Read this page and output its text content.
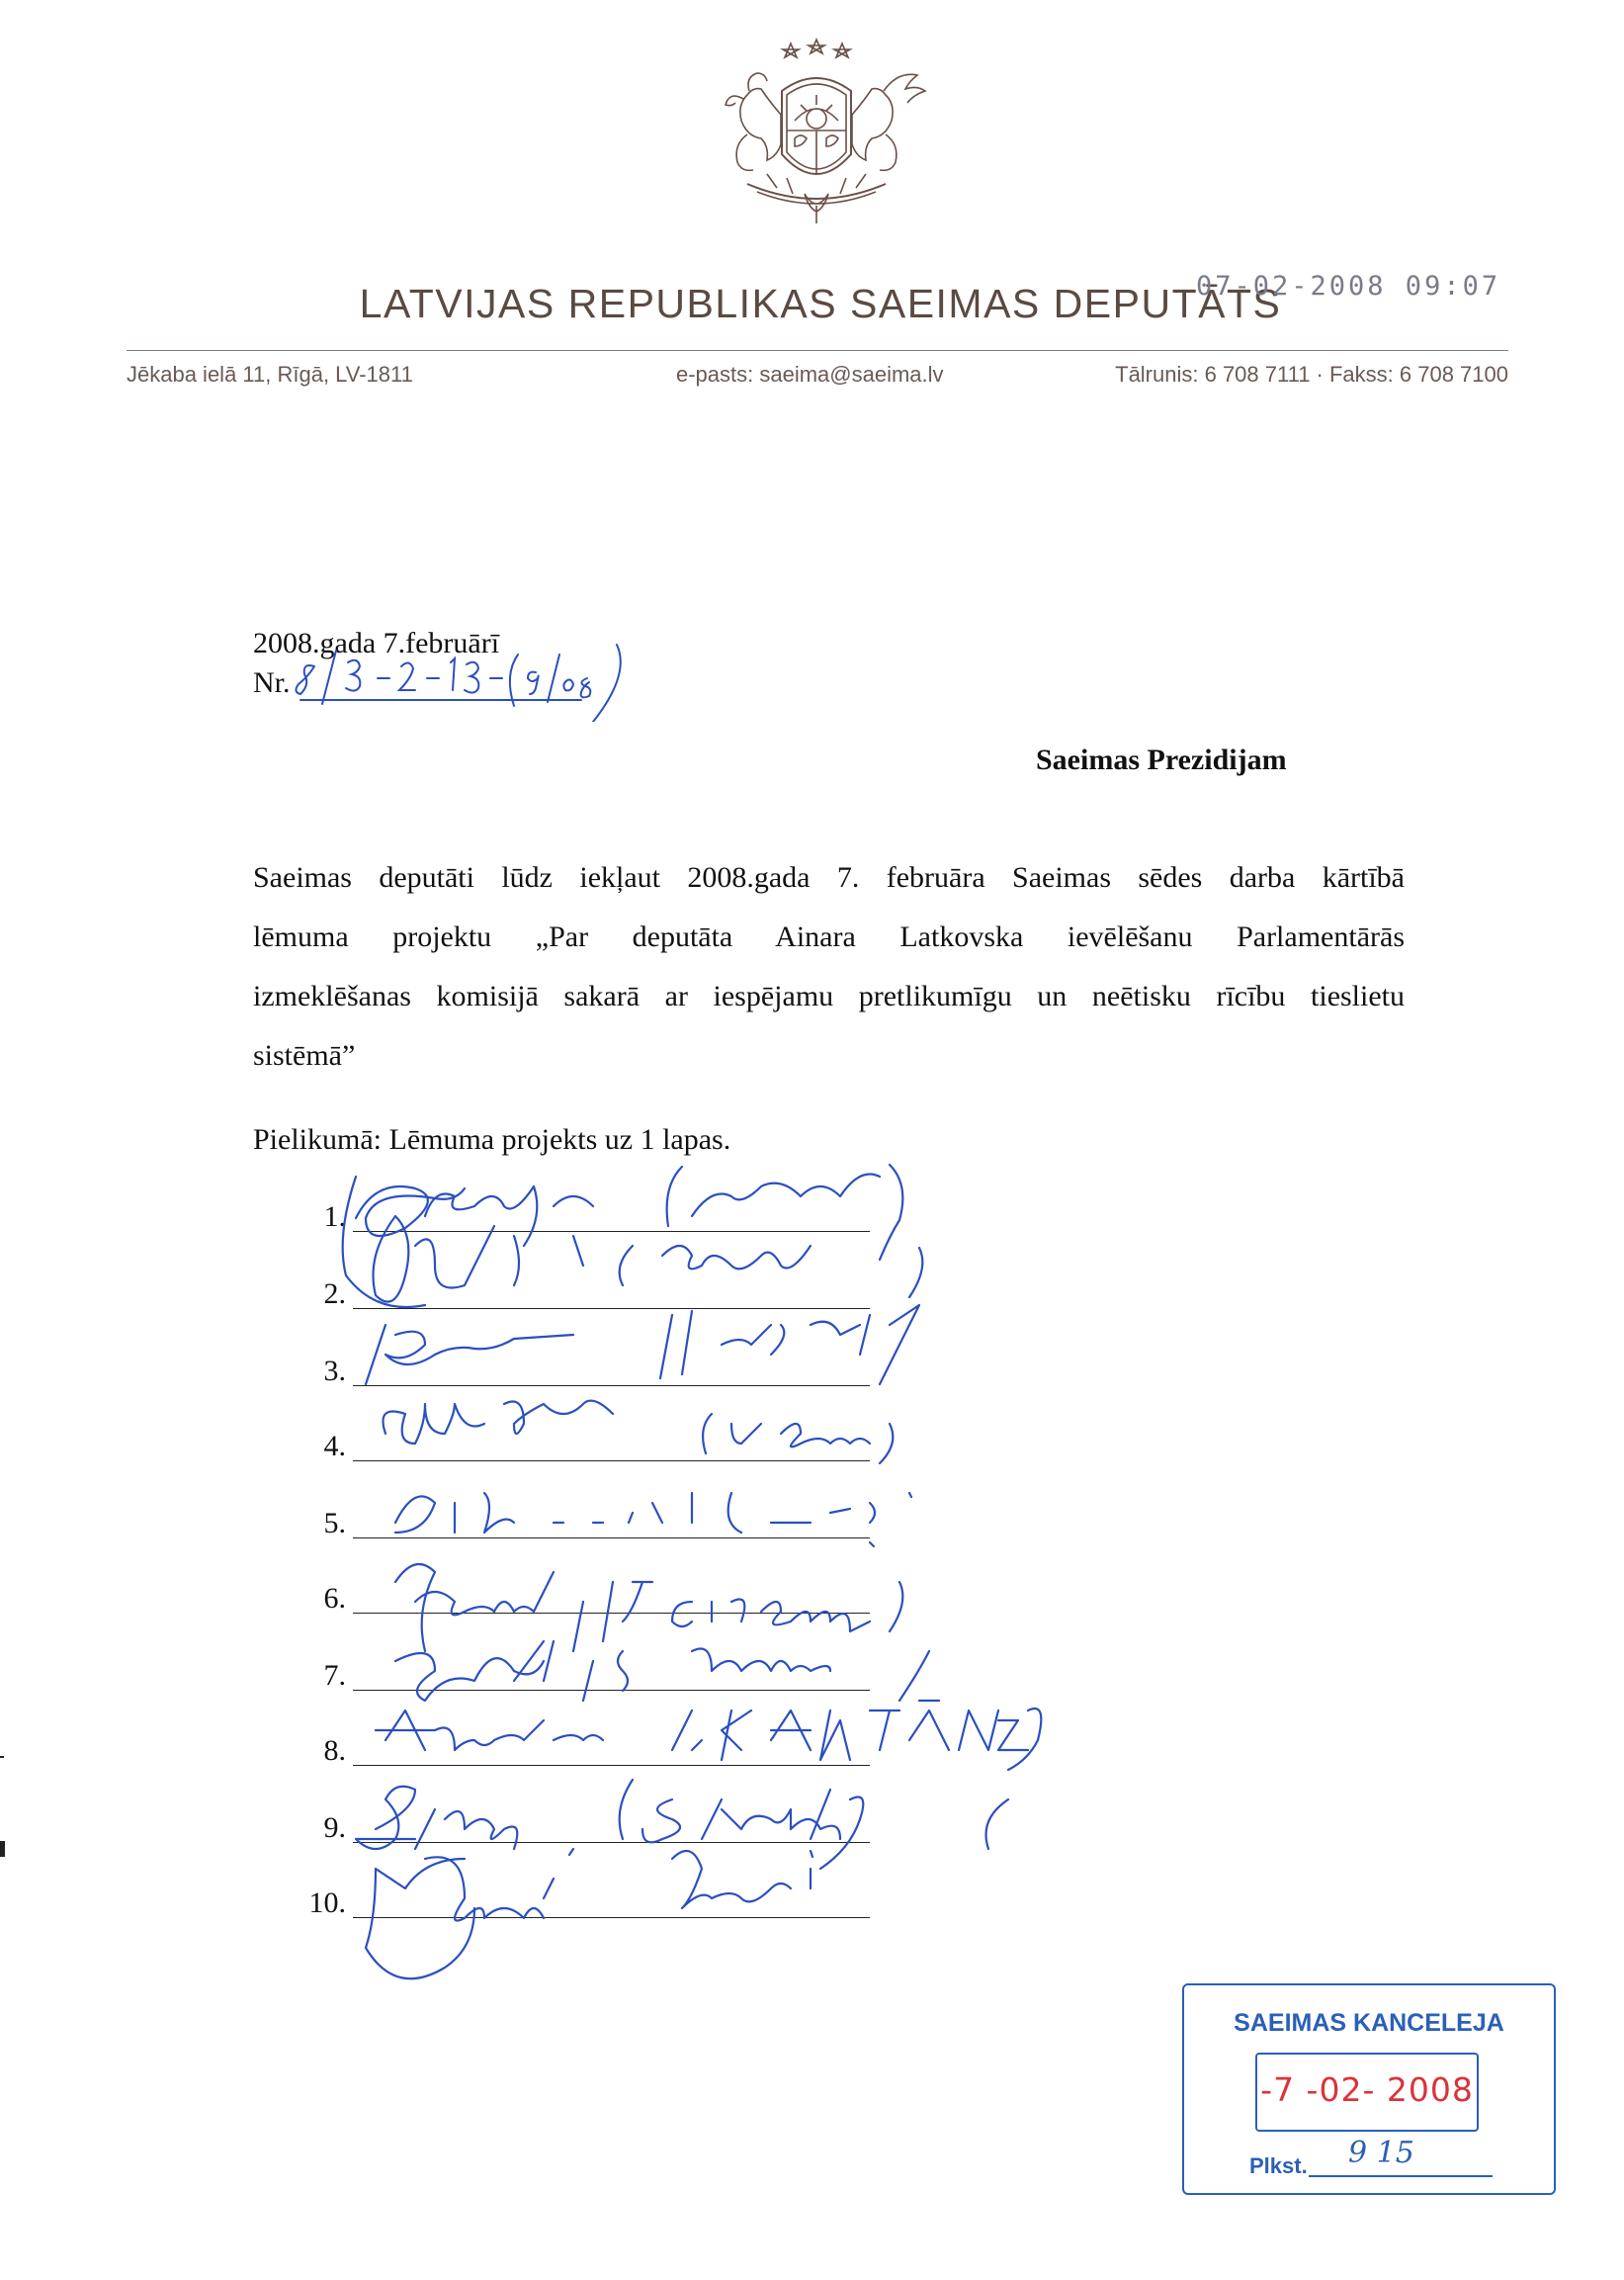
LATVIJAS REPUBLIKAS SAEIMAS DEPUTĀTS
07-02-2008 09:07
Jēkaba ielā 11, Rīgā, LV-1811	e-pasts: saeima@saeima.lv	Tālrunis: 6 708 7111 · Fakss: 6 708 7100
2008.gada 7.februārī
Nr.
Saeimas Prezidijam
Saeimas deputāti lūdz iekļaut 2008.gada 7. februāra Saeimas sēdes darba kārtībā
lēmuma projektu „Par deputāta Ainara Latkovska ievēlēšanu Parlamentārās
izmeklēšanas komisijā sakarā ar iespējamu pretlikumīgu un neētisku rīcību tieslietu
sistēmā”
Pielikumā: Lēmuma projekts uz 1 lapas.
1.
2.
3.
4.
5.
6.
7.
8.
9.
10.
SAEIMAS KANCELEJA
-7 -02- 2008
Plkst. 9 15
